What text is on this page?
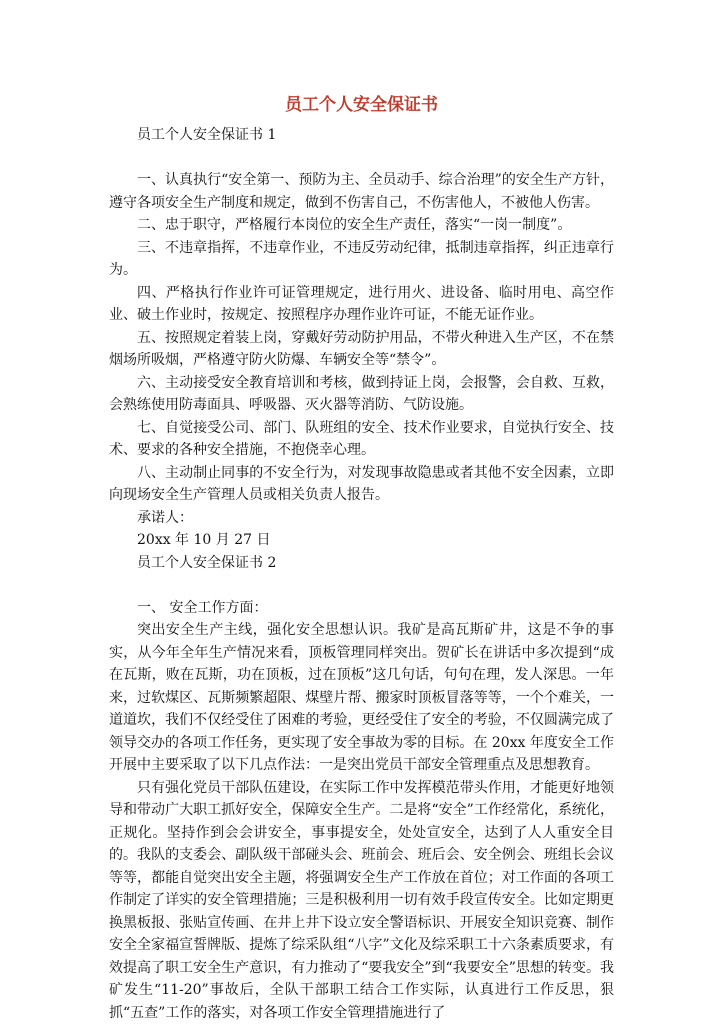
员工个人安全保证书

员工个人安全保证书 1

一、认真执行“安全第一、预防为主、全员动手、综合治理”的安全生产方针，遵守各项安全生产制度和规定，做到不伤害自己，不伤害他人，不被他人伤害。

二、忠于职守，严格履行本岗位的安全生产责任，落实“一岗一制度”。

三、不违章指挥，不违章作业，不违反劳动纪律，抵制违章指挥，纠正违章行为。

四、严格执行作业许可证管理规定，进行用火、进设备、临时用电、高空作业、破土作业时，按规定、按照程序办理作业许可证，不能无证作业。

五、按照规定着装上岗，穿戴好劳动防护用品，不带火种进入生产区，不在禁烟场所吸烟，严格遵守防火防爆、车辆安全等“禁令”。

六、主动接受安全教育培训和考核，做到持证上岗，会报警，会自救、互救，会熟练使用防毒面具、呼吸器、灭火器等消防、气防设施。

七、自觉接受公司、部门、队班组的安全、技术作业要求，自觉执行安全、技术、要求的各种安全措施，不抱侥幸心理。

八、主动制止同事的不安全行为，对发现事故隐患或者其他不安全因素，立即向现场安全生产管理人员或相关负责人报告。

承诺人：

20xx 年 10 月 27 日

员工个人安全保证书 2

一、 安全工作方面：

突出安全生产主线，强化安全思想认识。我矿是高瓦斯矿井，这是不争的事实，从今年全年生产情况来看，顶板管理同样突出。贺矿长在讲话中多次提到“成在瓦斯，败在瓦斯，功在顶板，过在顶板”这几句话，句句在理，发人深思。一年来，过软煤区、瓦斯频繁超限、煤壁片帮、搬家时顶板冒落等等，一个个难关，一道道坎，我们不仅经受住了困难的考验，更经受住了安全的考验，不仅圆满完成了领导交办的各项工作任务，更实现了安全事故为零的目标。在 20xx 年度安全工作开展中主要采取了以下几点作法：一是突出党员干部安全管理重点及思想教育。

只有强化党员干部队伍建设，在实际工作中发挥模范带头作用，才能更好地领导和带动广大职工抓好安全，保障安全生产。二是将“安全”工作经常化，系统化，正规化。坚持作到会会讲安全，事事提安全，处处宣安全，达到了人人重安全目的。我队的支委会、副队级干部碰头会、班前会、班后会、安全例会、班组长会议等等，都能自觉突出安全主题，将强调安全生产工作放在首位；对工作面的各项工作制定了详实的安全管理措施；三是积极利用一切有效手段宣传安全。比如定期更换黑板报、张贴宣传画、在井上井下设立安全警语标识、开展安全知识竞赛、制作安全全家福宣誓牌版、提炼了综采队组“八字”文化及综采职工十六条素质要求，有效提高了职工安全生产意识，有力推动了“要我安全”到“我要安全”思想的转变。我矿发生“11-20”事故后，全队干部职工结合工作实际，认真进行工作反思，狠抓“五查”工作的落实，对各项工作安全管理措施进行了
